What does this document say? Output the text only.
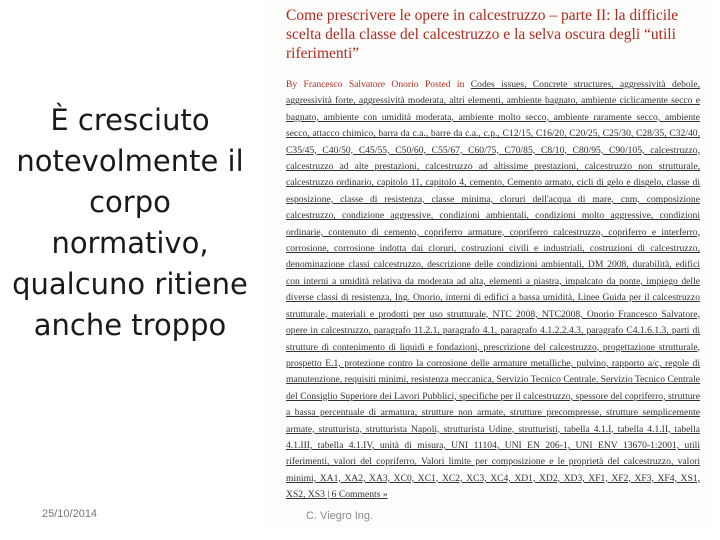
È cresciuto notevolmente il corpo normativo, qualcuno ritiene anche troppo
Come prescrivere le opere in calcestruzzo – parte II: la difficile scelta della classe del calcestruzzo e la selva oscura degli “utili riferimenti”
By Francesco Salvatore Onorio Posted in Codes issues, Concrete structures, aggressività debole, aggressività forte, aggressività moderata, altri elementi, ambiente bagnato, ambiente ciclicamente secco e bagnato, ambiente con umidità moderata, ambiente molto secco, ambiente raramente secco, ambiente secco, attacco chimico, barra da c.a., barre da c.a., c.p., C12/15, C16/20, C20/25, C25/30, C28/35, C32/40, C35/45, C40/50, C45/55, C50/60, C55/67, C60/75, C70/85, C8/10, C80/95, C90/105, calcestruzzo, calcestruzzo ad alte prestazioni, calcestruzzo ad altissime prestazioni, calcestruzzo non strutturale, calcestruzzo ordinario, capitolo 11, capitolo 4, cemento, Cemento armato, cicli di gelo e disgelo, classe di esposizione, classe di resistenza, classe minima, cloruri dell'acqua di mare, cnm, composizione calcestruzzo, condizione aggressive, condizioni ambientali, condizioni molto aggressive, condizioni ordinarie, contenuto di cemento, copriferro armature, copriferro calcestruzzo, copriferro e interferro, corrosione, corrosione indotta dai cloruri, costruzioni civili e industriali, costruzioni di calcestruzzo, denominazione classi calcestruzzo, descrizione delle condizioni ambientali, DM 2008, durabilità, edifici con interni a umidità relativa da moderata ad alta, elementi a piastra, impalcato da ponte, impiego delle diverse classi di resistenza, Ing. Onorio, interni di edifici a bassa umidità, Linee Guida per il calcestruzzo strutturale, materiali e prodotti per uso strutturale, NTC 2008, NTC2008, Onorio Francesco Salvatore, opere in calcestruzzo, paragrafo 11.2.1, paragrafo 4.1, paragrafo 4.1.2.2.4.3, paragrafo C4.1.6.1.3, parti di strutture di contenimento di liquidi e fondazioni, prescrizione del calcestruzzo, progettazione strutturale, prospetto E.1, protezione contro la corrosione delle armature metalliche, pulvino, rapporto a/c, regole di manutenzione, requisiti minimi, resistenza meccanica, Servizio Tecnico Centrale, Servizio Tecnico Centrale del Consiglio Superiore dei Lavori Pubblici, specifiche per il calcestruzzo, spessore del copriferro, strutture a bassa percentuale di armatura, strutture non armate, strutture precompresse, strutture semplicemente armate, strutturista, strutturista Napoli, strutturista Udine, strutturisti, tabella 4.1.I, tabella 4.1.II, tabella 4.1.III, tabella 4.1.IV, unità di misura, UNI 11104, UNI EN 206-1, UNI ENV 13670-1:2001, utili riferimenti, valori del copriferro, Valori limite per composizione e le proprietà del calcestruzzo, valori minimi, XA1, XA2, XA3, XC0, XC1, XC2, XC3, XC4, XD1, XD2, XD3, XF1, XF2, XF3, XF4, XS1, XS2, XS3 | 6 Comments »
25/10/2014	C. Viegro Ing.
